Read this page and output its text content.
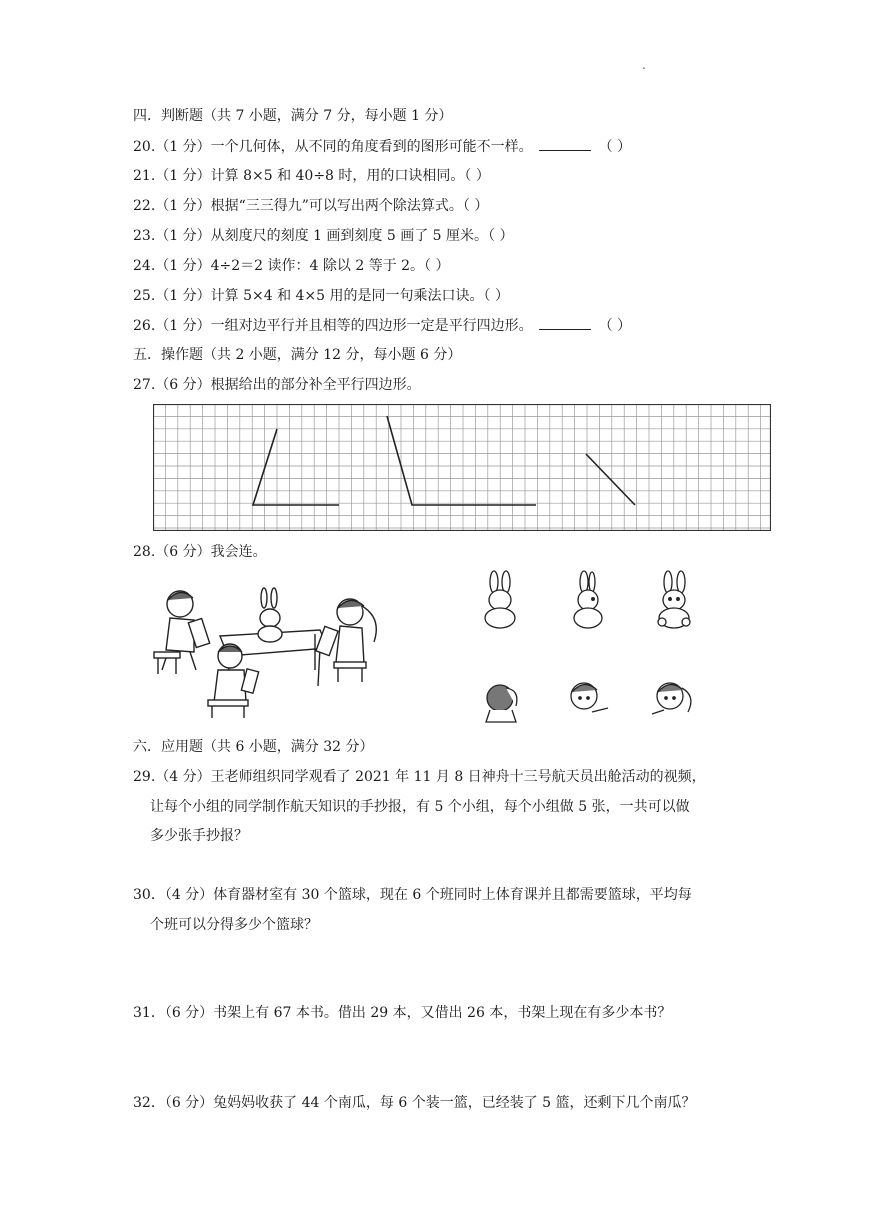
.
四．判断题（共 7 小题，满分 7 分，每小题 1 分）
20.（1 分）一个几何体，从不同的角度看到的图形可能不一样。	（ ）
21.（1 分）计算 8×5 和 40÷8 时，用的口诀相同。（ ）
22.（1 分）根据“三三得九”可以写出两个除法算式。（ ）
23.（1 分）从刻度尺的刻度 1 画到刻度 5 画了 5 厘米。（ ）
24.（1 分）4÷2＝2 读作：4 除以 2 等于 2。（ ）
25.（1 分）计算 5×4 和 4×5 用的是同一句乘法口诀。（ ）
26.（1 分）一组对边平行并且相等的四边形一定是平行四边形。	（ ）
五．操作题（共 2 小题，满分 12 分，每小题 6 分）
27.（6 分）根据给出的部分补全平行四边形。
28.（6 分）我会连。
六．应用题（共 6 小题，满分 32 分）
29.（4 分）王老师组织同学观看了 2021 年 11 月 8 日神舟十三号航天员出舱活动的视频，
让每个小组的同学制作航天知识的手抄报，有 5 个小组，每个小组做 5 张，一共可以做
多少张手抄报？
30．（4 分）体育器材室有 30 个篮球，现在 6 个班同时上体育课并且都需要篮球，平均每
个班可以分得多少个篮球？
31．（6 分）书架上有 67 本书。借出 29 本，又借出 26 本，书架上现在有多少本书？
32．（6 分）兔妈妈收获了 44 个南瓜，每 6 个装一篮，已经装了 5 篮，还剩下几个南瓜？
